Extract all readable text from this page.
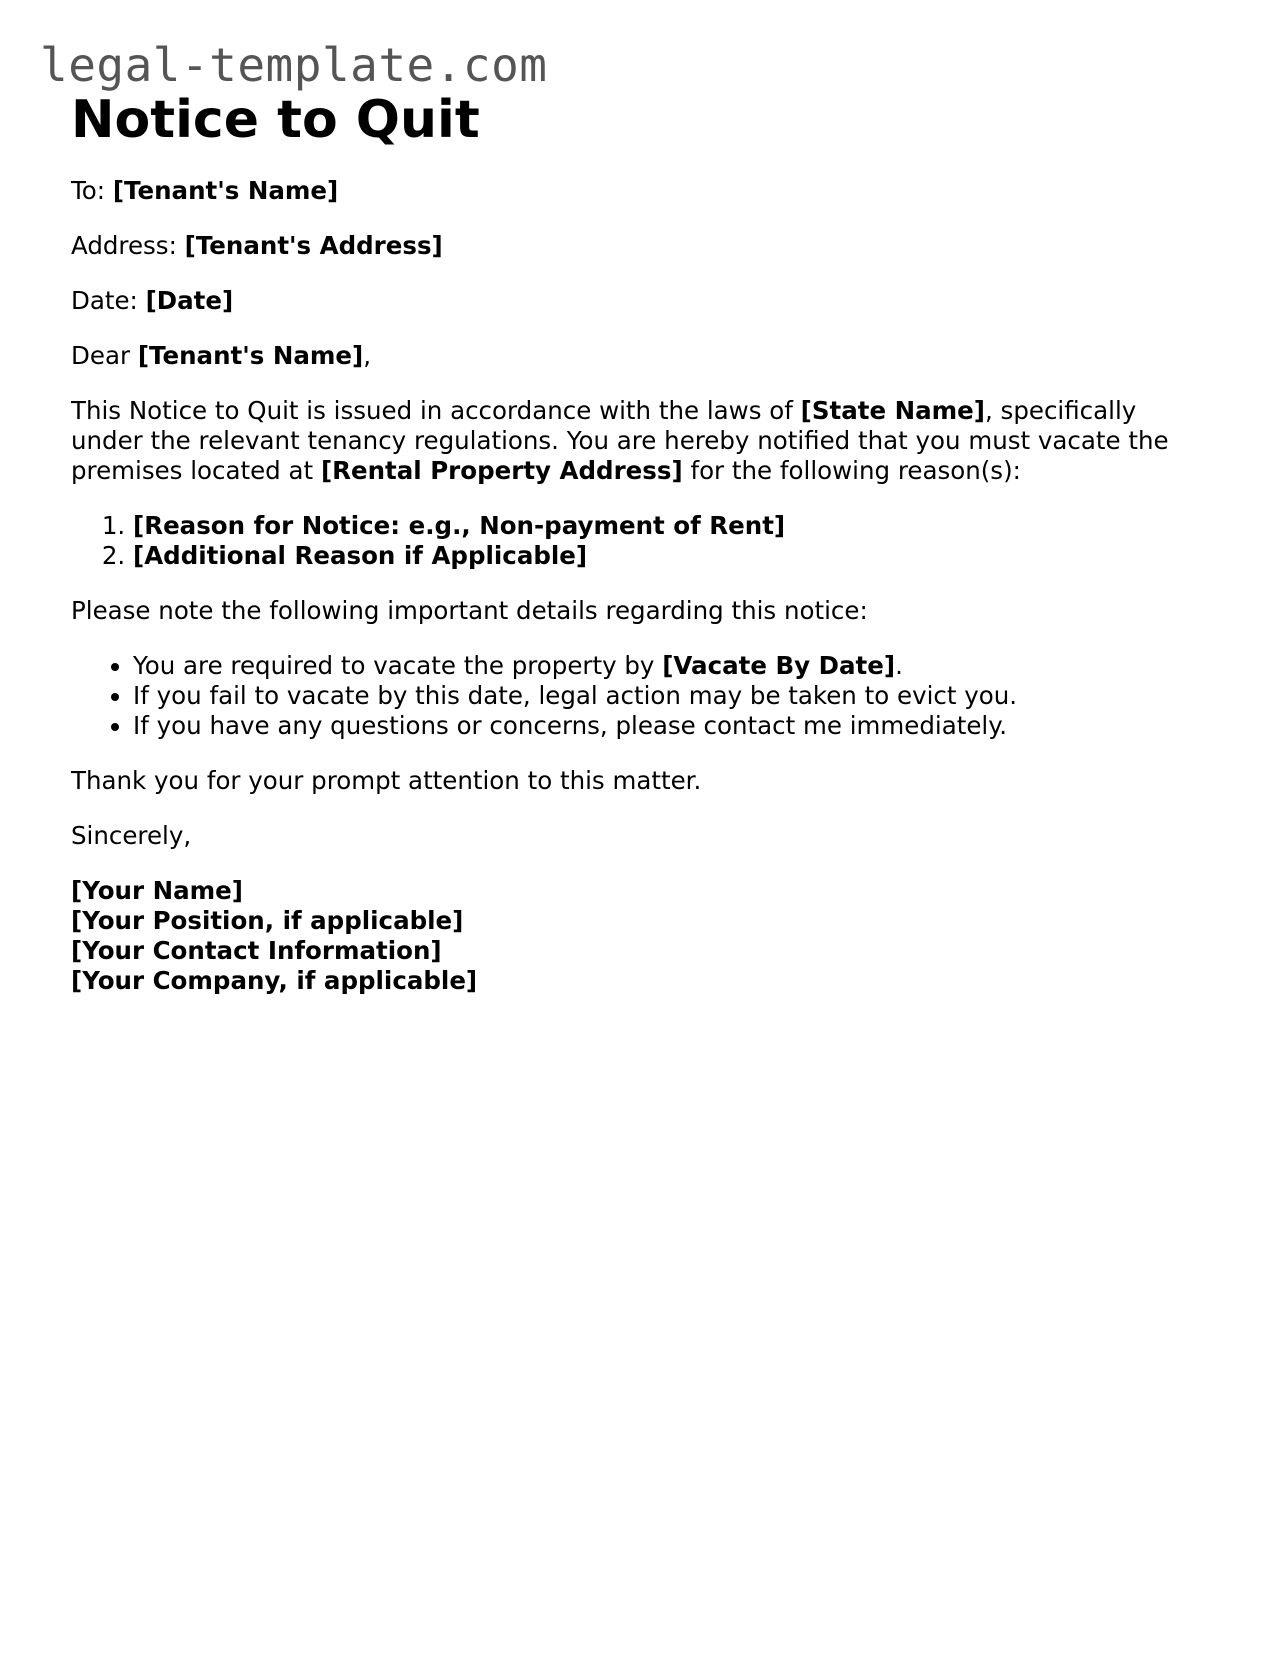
legal-template.com
Notice to Quit

To: [Tenant's Name]

Address: [Tenant's Address]

Date: [Date]

Dear [Tenant's Name],

This Notice to Quit is issued in accordance with the laws of [State Name], specifically under the relevant tenancy regulations. You are hereby notified that you must vacate the premises located at [Rental Property Address] for the following reason(s):

1. [Reason for Notice: e.g., Non-payment of Rent]
2. [Additional Reason if Applicable]

Please note the following important details regarding this notice:

• You are required to vacate the property by [Vacate By Date].
• If you fail to vacate by this date, legal action may be taken to evict you.
• If you have any questions or concerns, please contact me immediately.

Thank you for your prompt attention to this matter.

Sincerely,

[Your Name]

[Your Position, if applicable]

[Your Contact Information]

[Your Company, if applicable]
